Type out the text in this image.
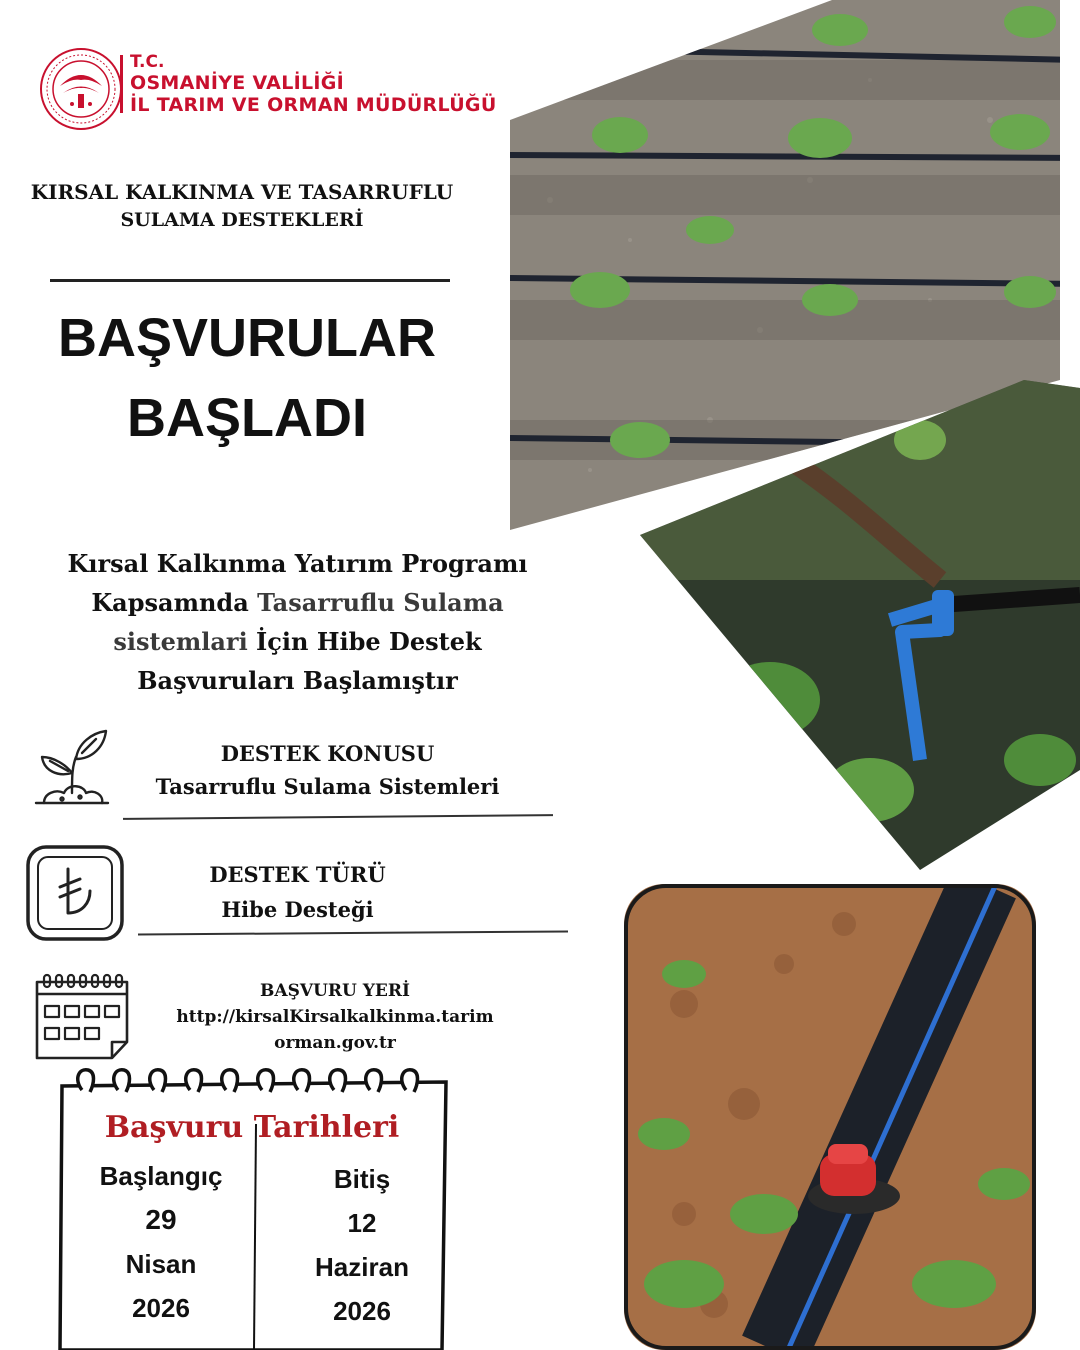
T.C.
OSMANİYE VALİLİĞİ
İL TARIM VE ORMAN MÜDÜRLÜĞÜ
KIRSAL KALKINMA VE TASARRUFLU
SULAMA DESTEKLERİ
BAŞVURULAR
BAŞLADI
Kırsal Kalkınma Yatırım Programı
Kapsamnda Tasarruflu Sulama
sistemlari İçin Hibe Destek
Başvuruları Başlamıştır
DESTEK KONUSU
Tasarruflu Sulama Sistemleri
DESTEK TÜRÜ
Hibe Desteği
BAŞVURU YERİ
http://kirsalKirsalkalkinma.tarim
orman.gov.tr
Başvuru Tarihleri
Başlangıç
29
Nisan
2026
Bitiş
12
Haziran
2026
